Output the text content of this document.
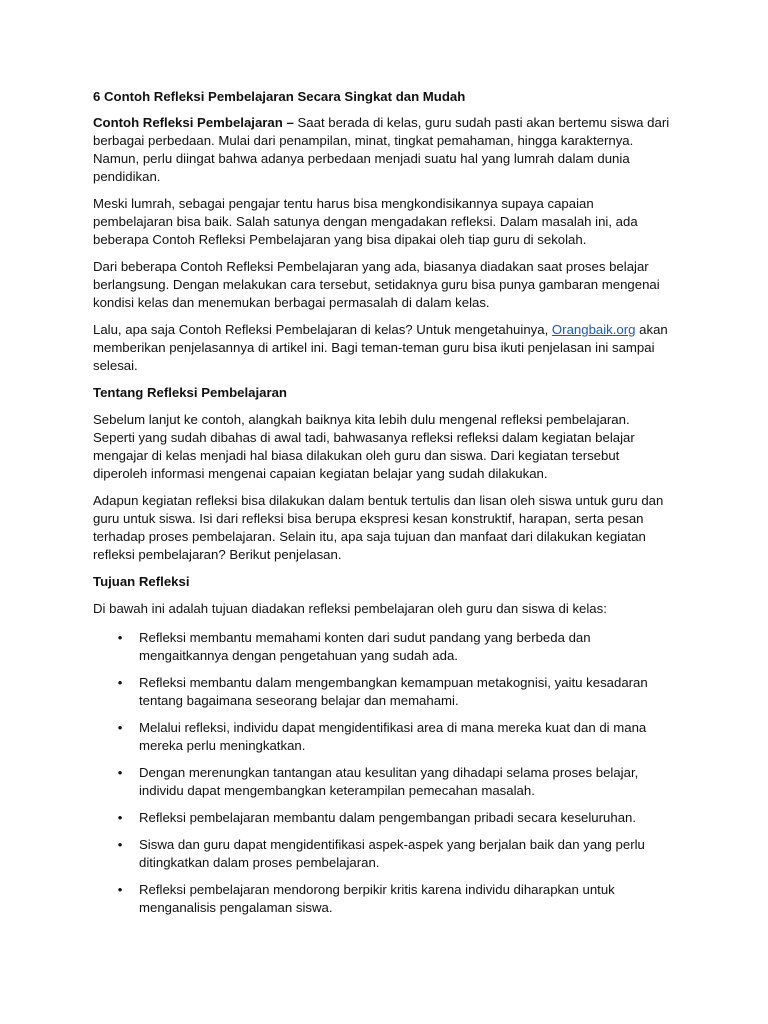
6 Contoh Refleksi Pembelajaran Secara Singkat dan Mudah

Contoh Refleksi Pembelajaran – Saat berada di kelas, guru sudah pasti akan bertemu siswa dari berbagai perbedaan. Mulai dari penampilan, minat, tingkat pemahaman, hingga karakternya. Namun, perlu diingat bahwa adanya perbedaan menjadi suatu hal yang lumrah dalam dunia pendidikan.

Meski lumrah, sebagai pengajar tentu harus bisa mengkondisikannya supaya capaian pembelajaran bisa baik. Salah satunya dengan mengadakan refleksi. Dalam masalah ini, ada beberapa Contoh Refleksi Pembelajaran yang bisa dipakai oleh tiap guru di sekolah.

Dari beberapa Contoh Refleksi Pembelajaran yang ada, biasanya diadakan saat proses belajar berlangsung. Dengan melakukan cara tersebut, setidaknya guru bisa punya gambaran mengenai kondisi kelas dan menemukan berbagai permasalah di dalam kelas.

Lalu, apa saja Contoh Refleksi Pembelajaran di kelas? Untuk mengetahuinya, Orangbaik.org akan memberikan penjelasannya di artikel ini. Bagi teman-teman guru bisa ikuti penjelasan ini sampai selesai.

Tentang Refleksi Pembelajaran

Sebelum lanjut ke contoh, alangkah baiknya kita lebih dulu mengenal refleksi pembelajaran. Seperti yang sudah dibahas di awal tadi, bahwasanya refleksi refleksi dalam kegiatan belajar mengajar di kelas menjadi hal biasa dilakukan oleh guru dan siswa. Dari kegiatan tersebut diperoleh informasi mengenai capaian kegiatan belajar yang sudah dilakukan.

Adapun kegiatan refleksi bisa dilakukan dalam bentuk tertulis dan lisan oleh siswa untuk guru dan guru untuk siswa. Isi dari refleksi bisa berupa ekspresi kesan konstruktif, harapan, serta pesan terhadap proses pembelajaran. Selain itu, apa saja tujuan dan manfaat dari dilakukan kegiatan refleksi pembelajaran? Berikut penjelasan.

Tujuan Refleksi

Di bawah ini adalah tujuan diadakan refleksi pembelajaran oleh guru dan siswa di kelas:

• Refleksi membantu memahami konten dari sudut pandang yang berbeda dan mengaitkannya dengan pengetahuan yang sudah ada.
• Refleksi membantu dalam mengembangkan kemampuan metakognisi, yaitu kesadaran tentang bagaimana seseorang belajar dan memahami.
• Melalui refleksi, individu dapat mengidentifikasi area di mana mereka kuat dan di mana mereka perlu meningkatkan.
• Dengan merenungkan tantangan atau kesulitan yang dihadapi selama proses belajar, individu dapat mengembangkan keterampilan pemecahan masalah.
• Refleksi pembelajaran membantu dalam pengembangan pribadi secara keseluruhan.
• Siswa dan guru dapat mengidentifikasi aspek-aspek yang berjalan baik dan yang perlu ditingkatkan dalam proses pembelajaran.
• Refleksi pembelajaran mendorong berpikir kritis karena individu diharapkan untuk menganalisis pengalaman siswa.
